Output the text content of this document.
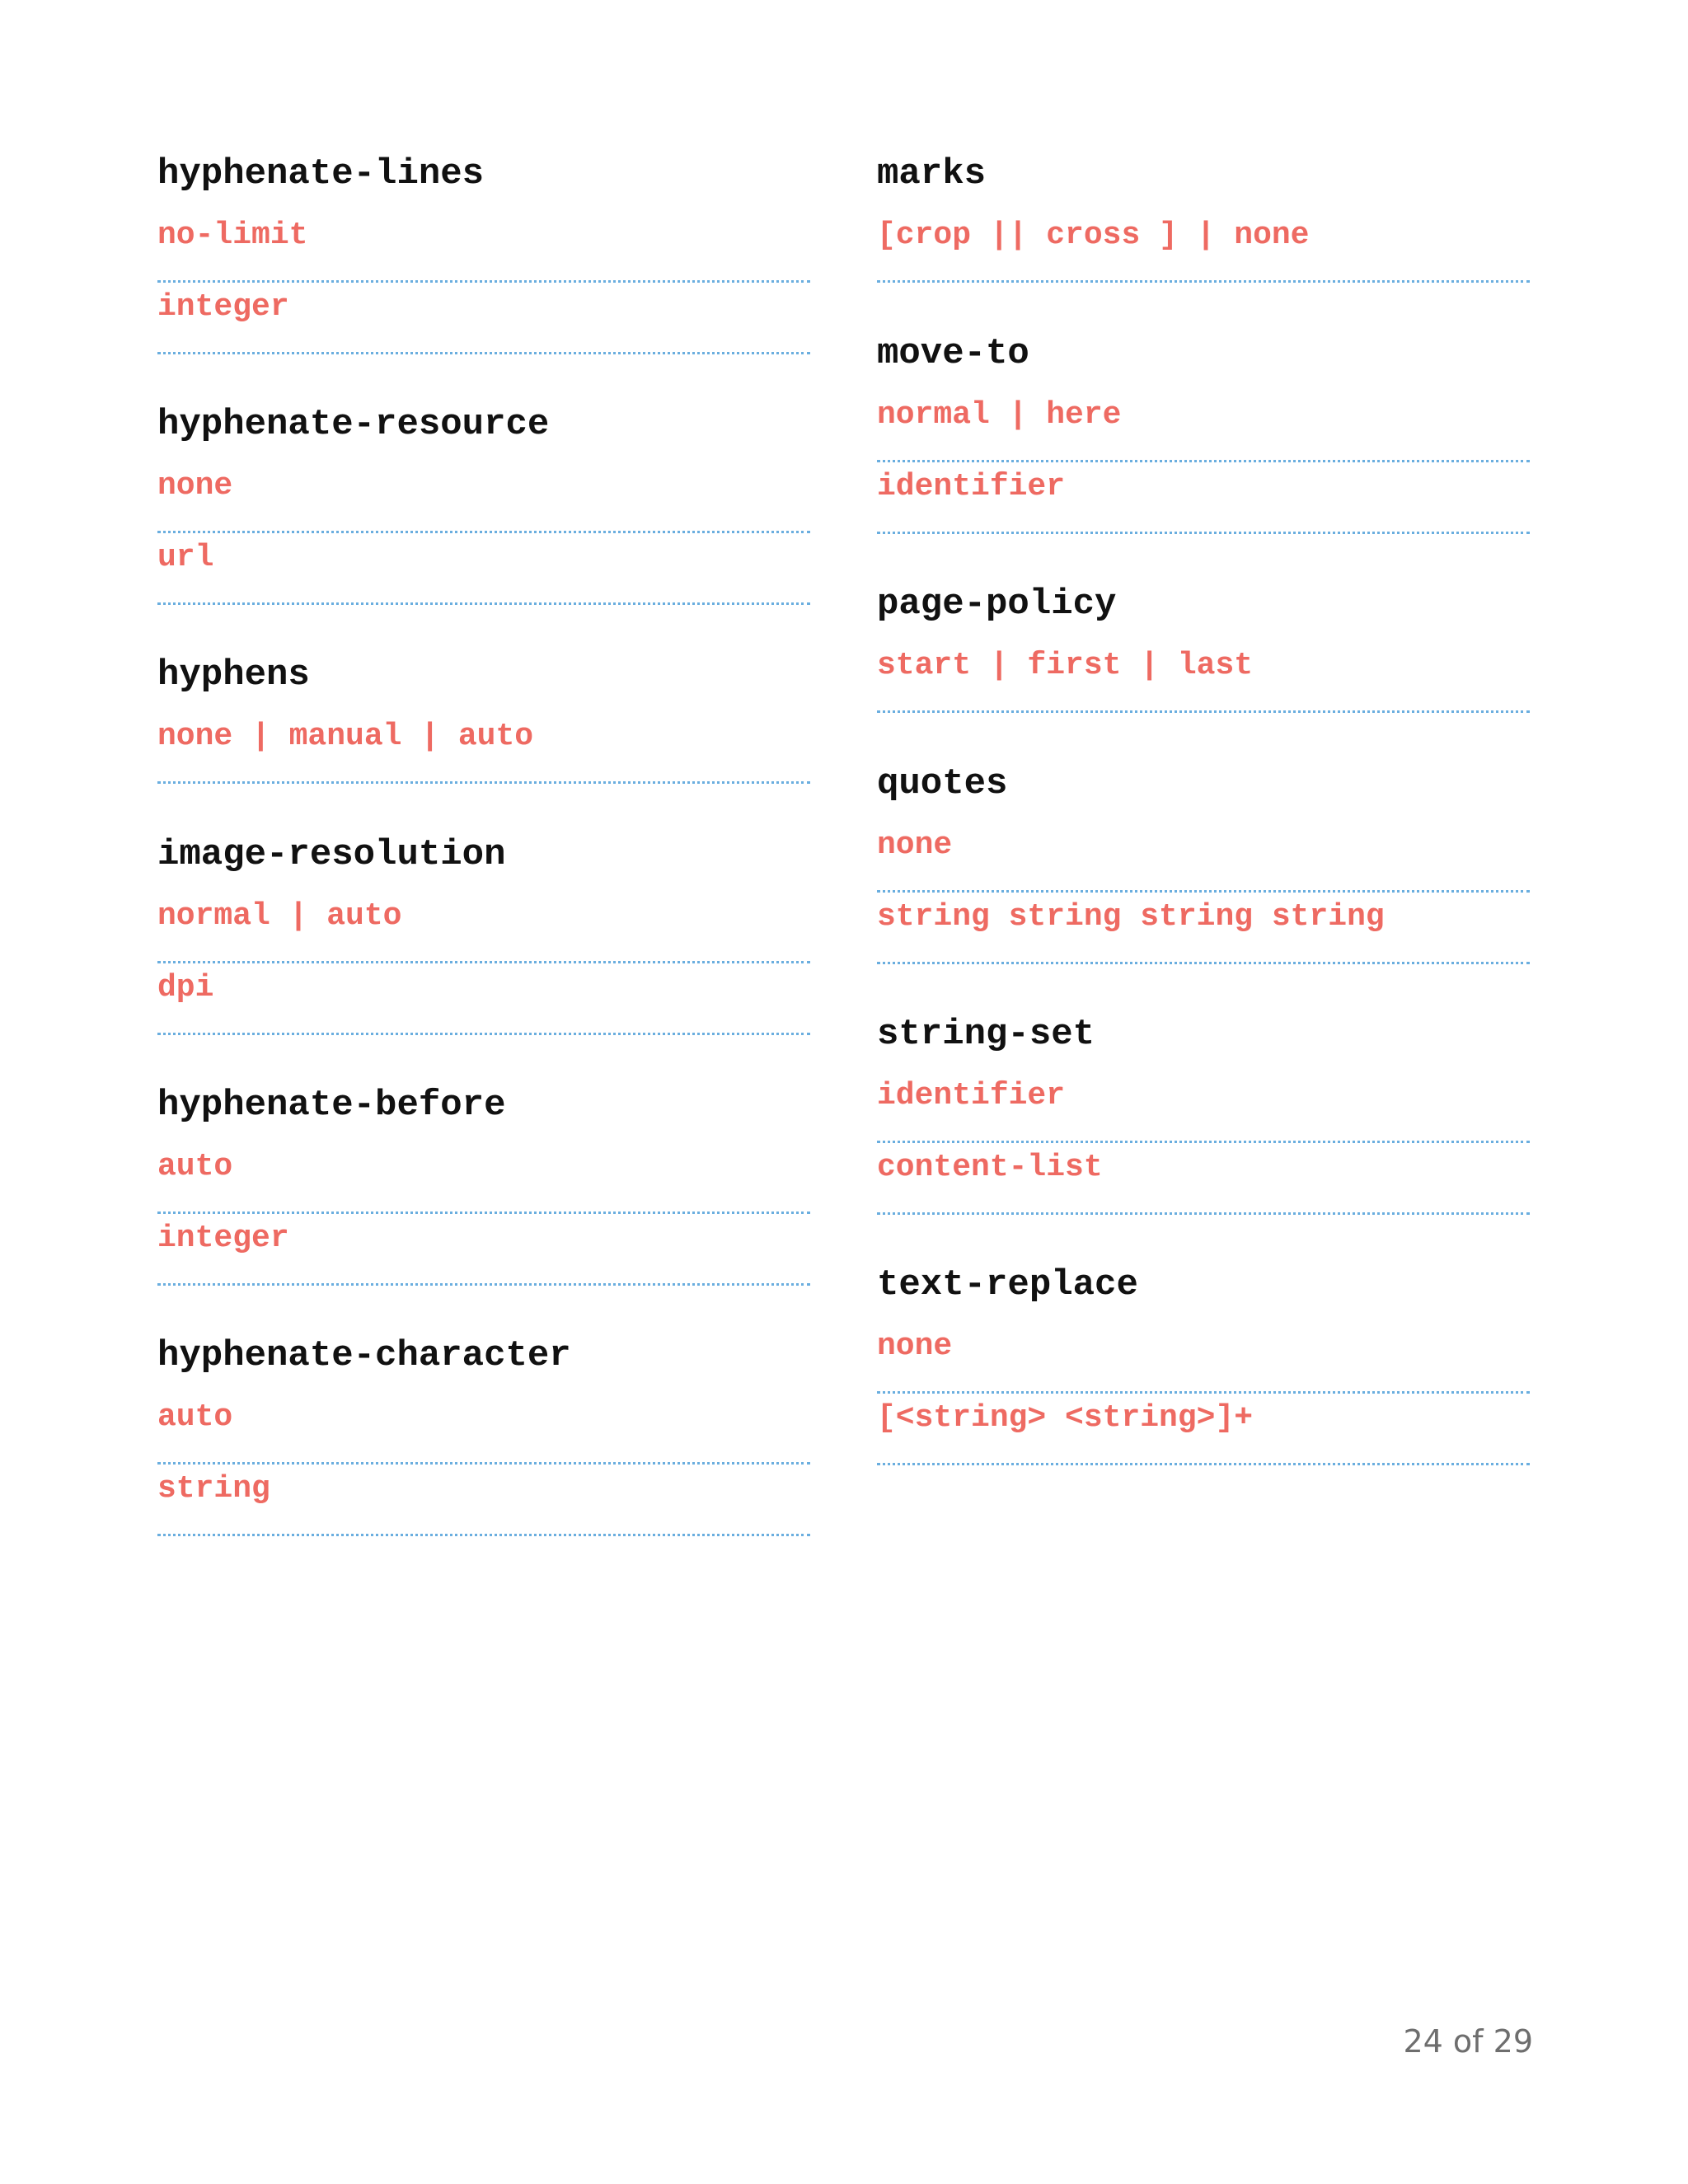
hyphenate-lines
no-limit
integer
hyphenate-resource
none
url
hyphens
none | manual | auto
image-resolution
normal | auto
dpi
hyphenate-before
auto
integer
hyphenate-character
auto
string
marks
[crop || cross ] | none
move-to
normal | here
identifier
page-policy
start | first | last
quotes
none
string string string string
string-set
identifier
content-list
text-replace
none
[<string> <string>]+
24 of 29
